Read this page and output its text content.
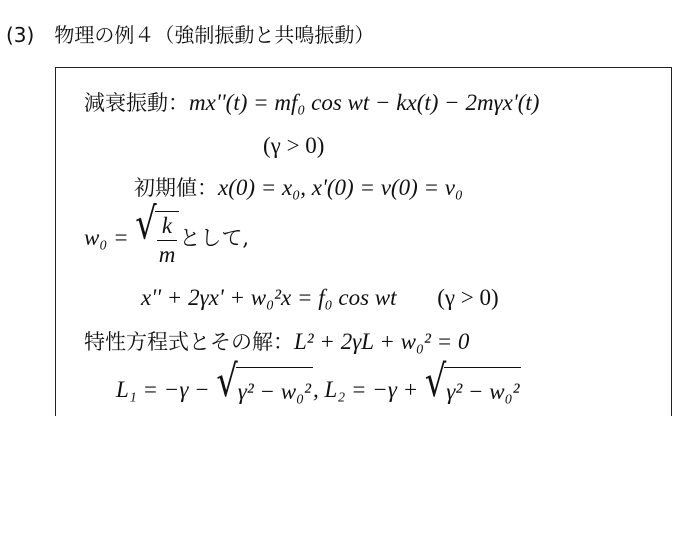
(3) 物理の例４（強制振動と共鳴振動）
減衰振動：mx''(t) = mf₀ cos wt − kx(t) − 2mγx'(t)
(γ > 0)
初期値：x(0) = x₀, x'(0) = v(0) = v₀
w₀ = √
$\frac{k}{m}$ として,
x'' + 2γx' + w₀²x = f₀ cos wt (γ > 0)
特性方程式とその解：L² + 2γL + w₀² = 0
L₁ = −γ − √ γ² − w₀² , L₂ = −γ + √ γ² − w₀²
